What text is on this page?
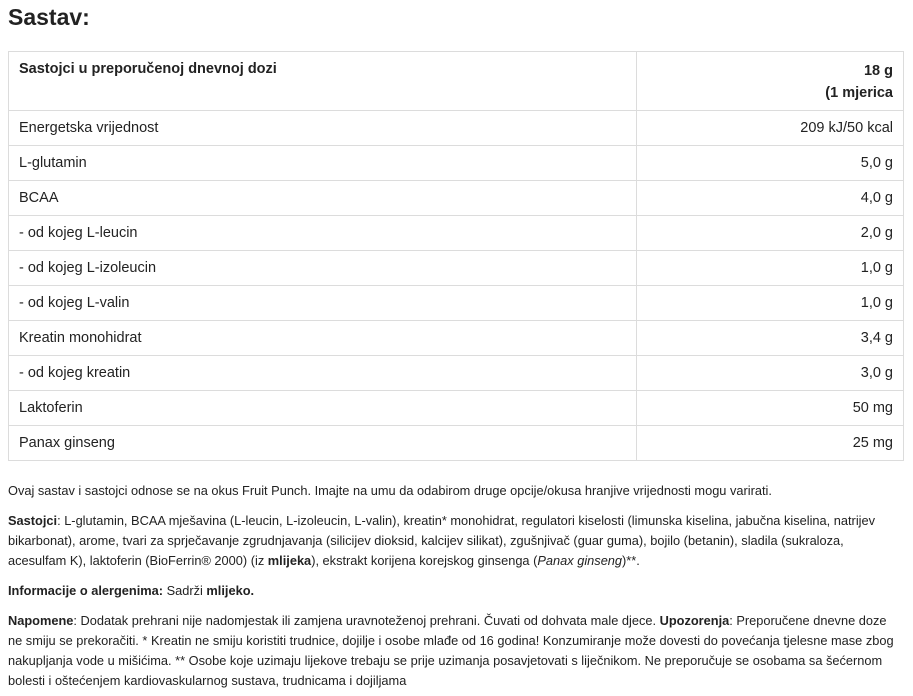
Sastav:
Sastojci u preporučenoj dnevnoj dozi	18 g
(1 mjerica
Energetska vrijednost	209 kJ/50 kcal
L-glutamin	5,0 g
BCAA	4,0 g
- od kojeg L-leucin	2,0 g
- od kojeg L-izoleucin	1,0 g
- od kojeg L-valin	1,0 g
Kreatin monohidrat	3,4 g
- od kojeg kreatin	3,0 g
Laktoferin	50 mg
Panax ginseng	25 mg
Ovaj sastav i sastojci odnose se na okus Fruit Punch. Imajte na umu da odabirom druge opcije/okusa hranjive vrijednosti mogu varirati.
Sastojci: L-glutamin, BCAA mješavina (L-leucin, L-izoleucin, L-valin), kreatin* monohidrat, regulatori kiselosti (limunska kiselina, jabučna kiselina, natrijev bikarbonat), arome, tvari za sprječavanje zgrudnjavanja (silicijev dioksid, kalcijev silikat), zgušnjivač (guar guma), bojilo (betanin), sladila (sukraloza, acesulfam K), laktoferin (BioFerrin® 2000) (iz mlijeka), ekstrakt korijena korejskog ginsenga (Panax ginseng)**.
Informacije o alergenima: Sadrži mlijeko.
Napomene: Dodatak prehrani nije nadomjestak ili zamjena uravnoteženoj prehrani. Čuvati od dohvata male djece. Upozorenja: Preporučene dnevne doze ne smiju se prekoračiti. * Kreatin ne smiju koristiti trudnice, dojilje i osobe mlađe od 16 godina! Konzumiranje može dovesti do povećanja tjelesne mase zbog nakupljanja vode u mišićima. ** Osobe koje uzimaju lijekove trebaju se prije uzimanja posavjetovati s liječnikom. Ne preporučuje se osobama sa šećernom bolesti i oštećenjem kardiovaskularnog sustava, trudnicama i dojiljama
